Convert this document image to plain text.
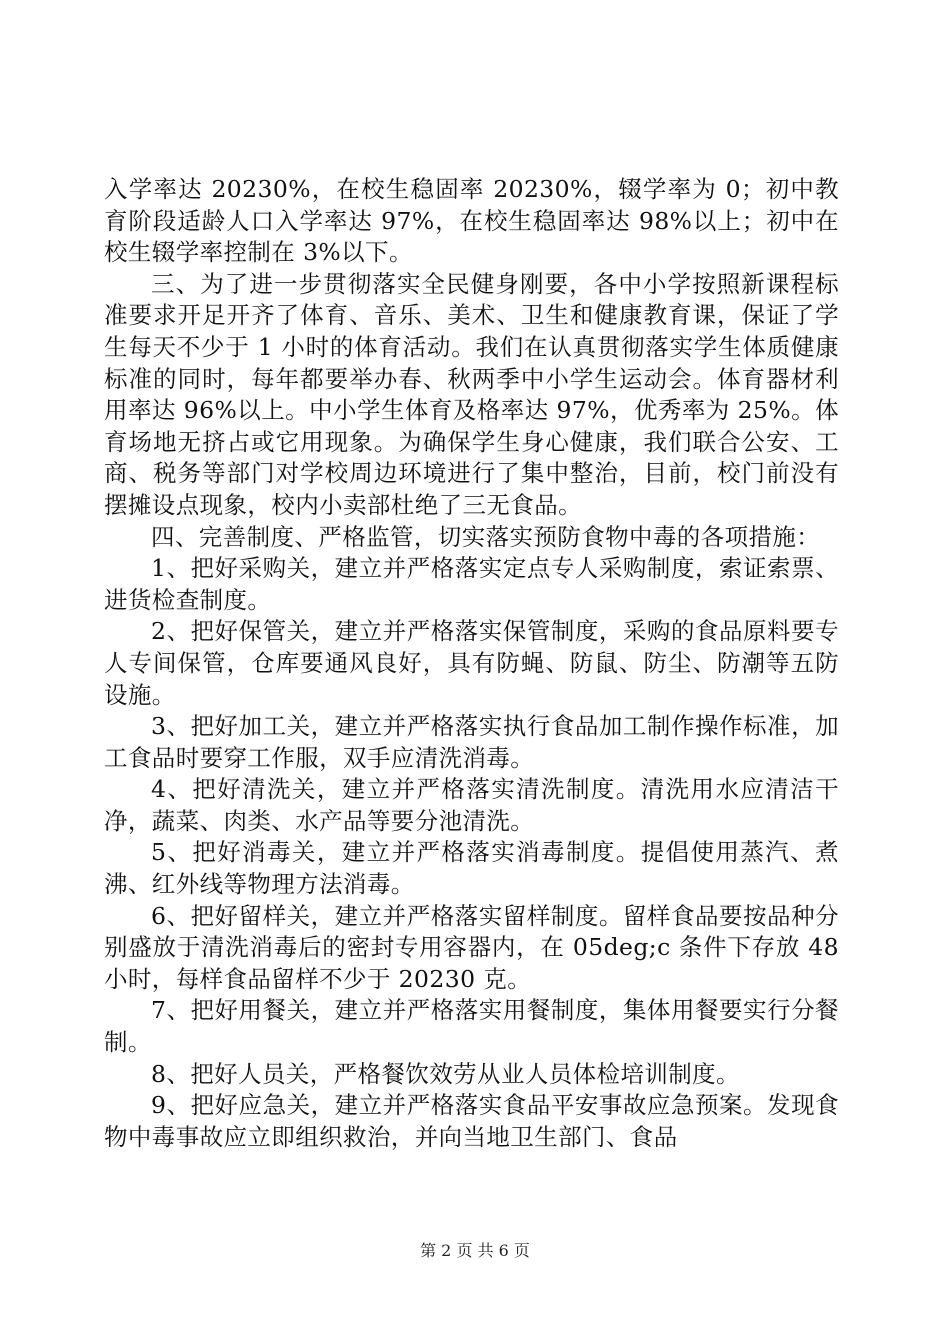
入学率达 20230%，在校生稳固率 20230%，辍学率为 0；初中教育阶段适龄人口入学率达 97%，在校生稳固率达 98%以上；初中在校生辍学率控制在 3%以下。

三、为了进一步贯彻落实全民健身刚要，各中小学按照新课程标准要求开足开齐了体育、音乐、美术、卫生和健康教育课，保证了学生每天不少于 1 小时的体育活动。我们在认真贯彻落实学生体质健康标准的同时，每年都要举办春、秋两季中小学生运动会。体育器材利用率达 96%以上。中小学生体育及格率达 97%，优秀率为 25%。体育场地无挤占或它用现象。为确保学生身心健康，我们联合公安、工商、税务等部门对学校周边环境进行了集中整治，目前，校门前没有摆摊设点现象，校内小卖部杜绝了三无食品。

四、完善制度、严格监管，切实落实预防食物中毒的各项措施：

1、把好采购关，建立并严格落实定点专人采购制度，索证索票、进货检查制度。

2、把好保管关，建立并严格落实保管制度，采购的食品原料要专人专间保管，仓库要通风良好，具有防蝇、防鼠、防尘、防潮等五防设施。

3、把好加工关，建立并严格落实执行食品加工制作操作标准，加工食品时要穿工作服，双手应清洗消毒。

4、把好清洗关，建立并严格落实清洗制度。清洗用水应清洁干净，蔬菜、肉类、水产品等要分池清洗。

5、把好消毒关，建立并严格落实消毒制度。提倡使用蒸汽、煮沸、红外线等物理方法消毒。

6、把好留样关，建立并严格落实留样制度。留样食品要按品种分别盛放于清洗消毒后的密封专用容器内，在 05deg;c 条件下存放 48 小时，每样食品留样不少于 20230 克。

7、把好用餐关，建立并严格落实用餐制度，集体用餐要实行分餐制。

8、把好人员关，严格餐饮效劳从业人员体检培训制度。

9、把好应急关，建立并严格落实食品平安事故应急预案。发现食物中毒事故应立即组织救治，并向当地卫生部门、食品

第 2 页 共 6 页
